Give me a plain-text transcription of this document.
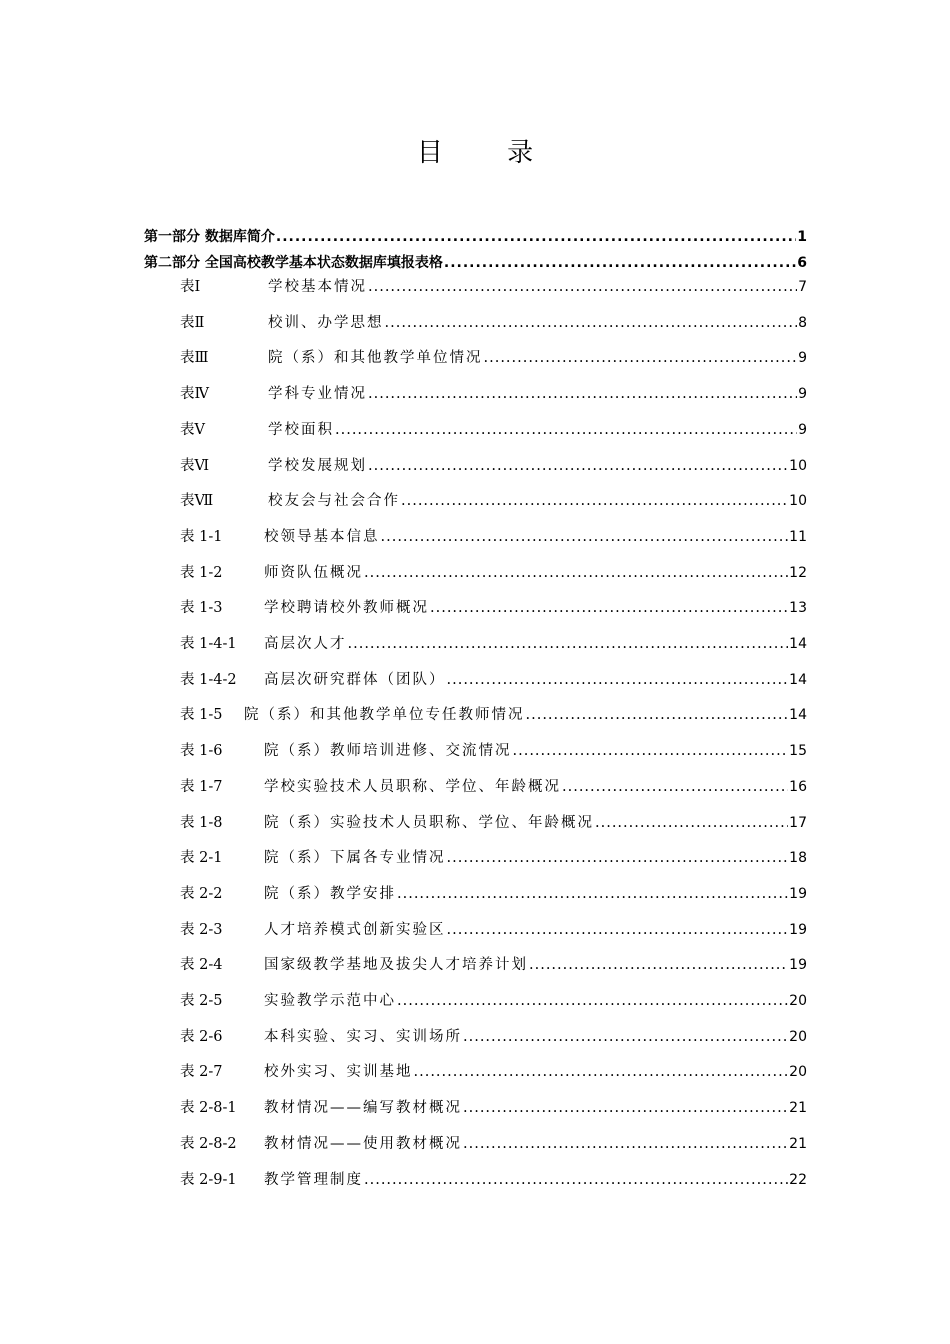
目 录
第一部分 数据库简介 .....	1
第二部分 全国高校教学基本状态数据库填报表格 .....	6
表Ⅰ	学校基本情况 .....	7
表Ⅱ	校训、办学思想 .....	8
表Ⅲ	院（系）和其他教学单位情况 .....	9
表Ⅳ	学科专业情况 .....	9
表Ⅴ	学校面积 .....	9
表Ⅵ	学校发展规划 .....	10
表Ⅶ	校友会与社会合作 .....	10
表 1-1	校领导基本信息 .....	11
表 1-2	师资队伍概况 .....	12
表 1-3	学校聘请校外教师概况 .....	13
表 1-4-1	高层次人才 .....	14
表 1-4-2	高层次研究群体（团队） .....	14
表 1-5	院（系）和其他教学单位专任教师情况 .....	14
表 1-6	院（系）教师培训进修、交流情况 .....	15
表 1-7	学校实验技术人员职称、学位、年龄概况 .....	16
表 1-8	院（系）实验技术人员职称、学位、年龄概况 .....	17
表 2-1	院（系）下属各专业情况 .....	18
表 2-2	院（系）教学安排 .....	19
表 2-3	人才培养模式创新实验区 .....	19
表 2-4	国家级教学基地及拔尖人才培养计划 .....	19
表 2-5	实验教学示范中心 .....	20
表 2-6	本科实验、实习、实训场所 .....	20
表 2-7	校外实习、实训基地 .....	20
表 2-8-1	教材情况——编写教材概况 .....	21
表 2-8-2	教材情况——使用教材概况 .....	21
表 2-9-1	教学管理制度 .....	22
